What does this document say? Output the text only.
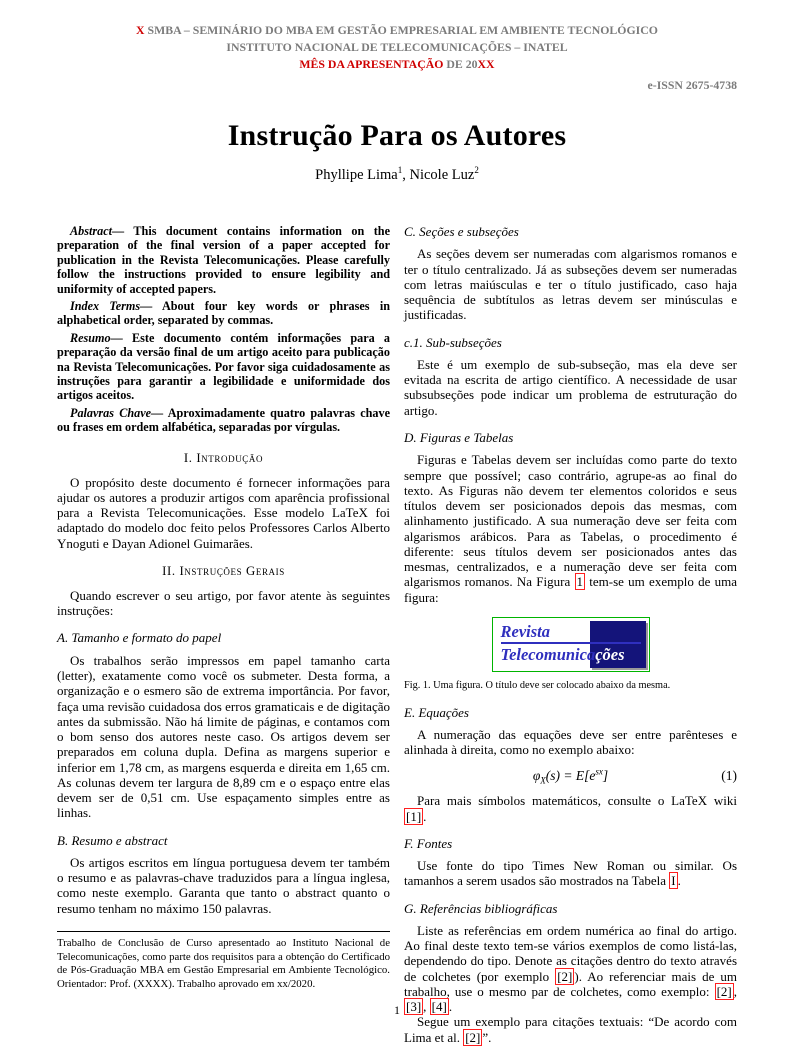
X SMBA – SEMINÁRIO DO MBA EM GESTÃO EMPRESARIAL EM AMBIENTE TECNOLÓGICO
INSTITUTO NACIONAL DE TELECOMUNICAÇÕES – INATEL
MÊS DA APRESENTAÇÃO DE 20XX
e-ISSN 2675-4738
Instrução Para os Autores
Phyllipe Lima$^1$, Nicole Luz$^2$

Abstract— This document contains information on the preparation of the final version of a paper accepted for publication in the Revista Telecomunicações. Please carefully follow the instructions provided to ensure legibility and uniformity of accepted papers.

Index Terms— About four key words or phrases in alphabetical order, separated by commas.

Resumo— Este documento contém informações para a preparação da versão final de um artigo aceito para publicação na Revista Telecomunicações. Por favor siga cuidadosamente as instruções para garantir a legibilidade e uniformidade dos artigos aceitos.

Palavras Chave— Aproximadamente quatro palavras chave ou frases em ordem alfabética, separadas por vírgulas.

I. Introdução

O propósito deste documento é fornecer informações para ajudar os autores a produzir artigos com aparência profissional para a Revista Telecomunicações. Esse modelo LaTeX foi adaptado do modelo doc feito pelos Professores Carlos Alberto Ynoguti e Dayan Adionel Guimarães.

II. Instruções Gerais

Quando escrever o seu artigo, por favor atente às seguintes instruções:

A. Tamanho e formato do papel

Os trabalhos serão impressos em papel tamanho carta (letter), exatamente como você os submeter. Desta forma, a organização e o esmero são de extrema importância. Por favor, faça uma revisão cuidadosa dos erros gramaticais e de digitação antes da submissão. Não há limite de páginas, e contamos com o bom senso dos autores neste caso. Os artigos devem ser preparados em coluna dupla. Defina as margens superior e inferior em 1,78 cm, as margens esquerda e direita em 1,65 cm. As colunas devem ter largura de 8,89 cm e o espaço entre elas devem ser de 0,51 cm. Use espaçamento simples entre as linhas.

B. Resumo e abstract

Os artigos escritos em língua portuguesa devem ter também o resumo e as palavras-chave traduzidos para a língua inglesa, como neste exemplo. Garanta que tanto o abstract quanto o resumo tenham no máximo 150 palavras.

Trabalho de Conclusão de Curso apresentado ao Instituto Nacional de Telecomunicações, como parte dos requisitos para a obtenção do Certificado de Pós-Graduação MBA em Gestão Empresarial em Ambiente Tecnológico. Orientador: Prof. (XXXX). Trabalho aprovado em xx/2020.
C. Seções e subseções

As seções devem ser numeradas com algarismos romanos e ter o título centralizado. Já as subseções devem ser numeradas com letras maiúsculas e ter o título justificado, caso haja sequência de subtítulos as letras devem ser minúsculas e justificadas.

c.1. Sub-subseções

Este é um exemplo de sub-subseção, mas ela deve ser evitada na escrita de artigo científico. A necessidade de usar subsubseções pode indicar um problema de estruturação do artigo.

D. Figuras e Tabelas

Figuras e Tabelas devem ser incluídas como parte do texto sempre que possível; caso contrário, agrupe-as ao final do texto. As Figuras não devem ter elementos coloridos e seus títulos devem ser posicionados depois das mesmas, com alinhamento justificado. A sua numeração deve ser feita com algarismos arábicos. Para as Tabelas, o procedimento é diferente: seus títulos devem ser posicionados antes das mesmas, centralizados, e a numeração deve ser feita com algarismos romanos. Na Figura 1 tem-se um exemplo de uma figura:

Revista
Telecomunicações
Fig. 1. Uma figura. O título deve ser colocado abaixo da mesma.
E. Equações

A numeração das equações deve ser entre parênteses e alinhada à direita, como no exemplo abaixo:

$\varphi_X(s) = E[e^{sx}]$	(1)

Para mais símbolos matemáticos, consulte o LaTeX wiki [1] .

F. Fontes

Use fonte do tipo Times New Roman ou similar. Os tamanhos a serem usados são mostrados na Tabela I .

G. Referências bibliográficas

Liste as referências em ordem numérica ao final do artigo. Ao final deste texto tem-se vários exemplos de como listá-las, dependendo do tipo. Denote as citações dentro do texto através de colchetes (por exemplo [2] ). Ao referenciar mais de um trabalho, use o mesmo par de colchetes, como exemplo: [2] , [3] , [4] .

Segue um exemplo para citações textuais: “De acordo com Lima et al. [2] ”.

1
